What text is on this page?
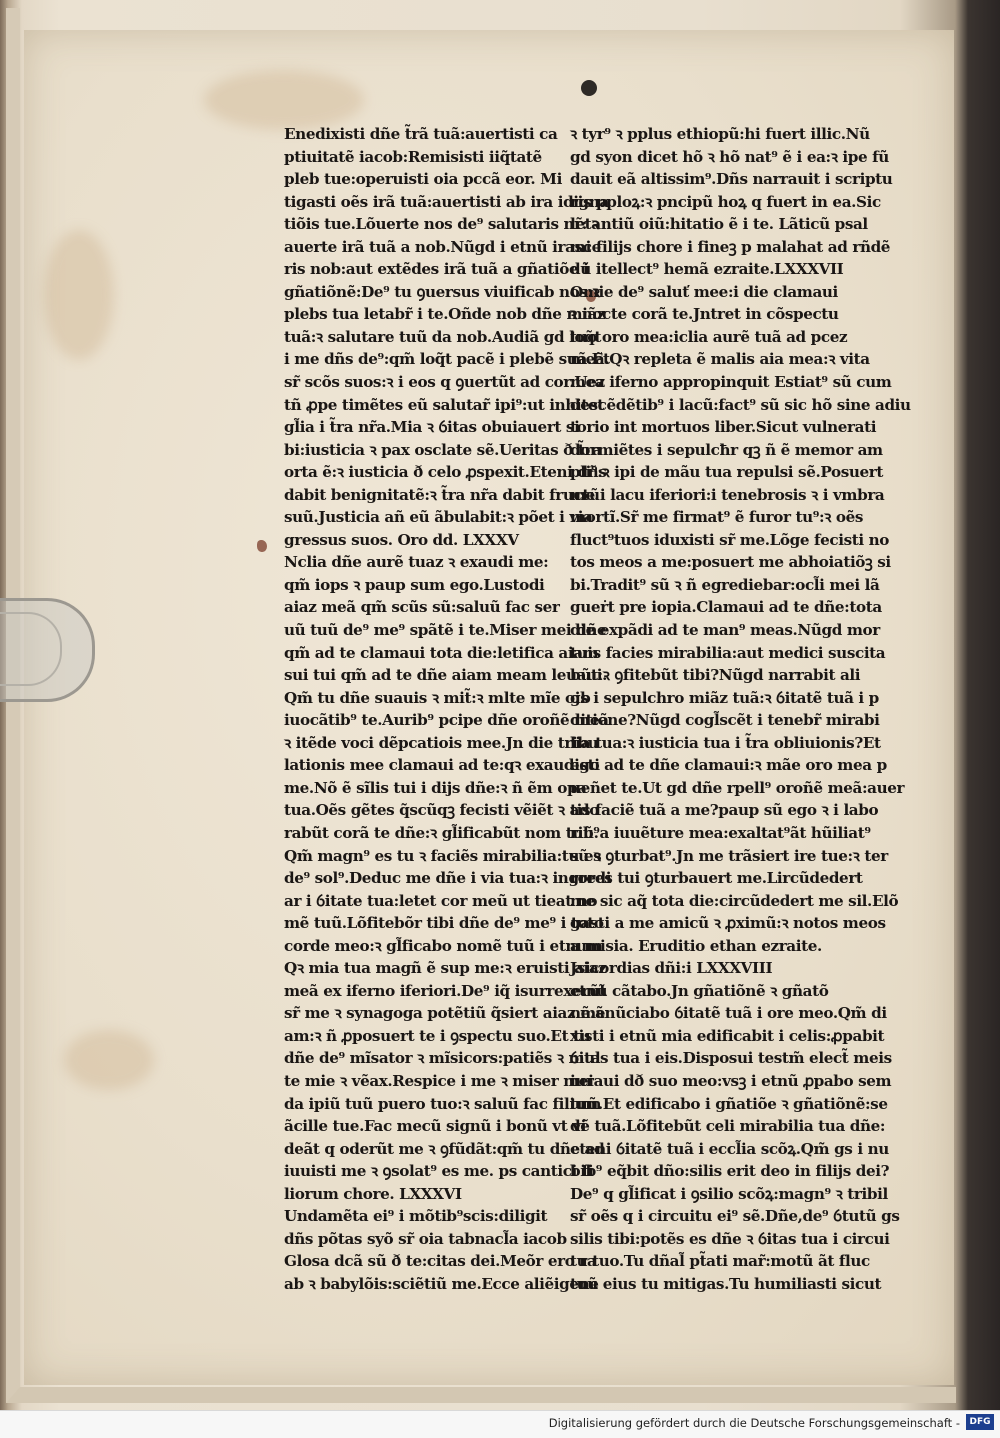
Enedixisti dñe t̃rã tuã:auertisti ca
ptiuitatẽ iacob:Remisisti iiq̃tatẽ
pleb tue:operuisti oia pccã eor. Mi
tigasti oẽs irã tuã:auertisti ab ira idigna
tiõis tue.Lõuerte nos de⁹ salutaris nr̃: ꝛ
auerte irã tuã a nob.Nũgd i etnũ irasce
ris nob:aut extẽdes irã tuã a gñatiõe i
gñatiõnẽ:De⁹ tu ꝯuersus viuificab nos:ꝛ
plebs tua letabr̃ i te.Oñde nob dñe miãz
tuã:ꝛ salutare tuũ da nob.Audiã gd loq̃t
i me dñs de⁹:qm̃ loq̃t pacẽ i plebẽ suã.Et
sr̃ scõs suos:ꝛ i eos q ꝯuertũt ad cor.Uez
tñ ꝓpe timẽtes eũ salutar̃ ipi⁹:ut inhitet
gl̃ia i t̃ra nr̃a.Mia ꝛ ỽitas obuiauert si
bi:iusticia ꝛ pax osclate sẽ.Ueritas ð t̃ra
orta ẽ:ꝛ iusticia ð celo ꝓspexit.Eteni dñs
dabit benignitatẽ:ꝛ t̃ra nr̃a dabit fructũ
suũ.Justicia añ eũ ãbulabit:ꝛ põet i via
gressus suos. Oro dd. LXXXV
Nclia dñe aurẽ tuaz ꝛ exaudi me:
qm̃ iops ꝛ paup sum ego.Lustodi
aiaz meã qm̃ scũs sũ:saluũ fac ser
uũ tuũ de⁹ me⁹ spãtẽ i te.Miser mei dñe
qm̃ ad te clamaui tota die:letifica aiam
sui tui qm̃ ad te dñe aiam meam leuaui.
Qm̃ tu dñe suauis ꝛ mit̃:ꝛ mlte mĩe oib
iuocãtib⁹ te.Aurib⁹ pcipe dñe oroñẽ meã
ꝛ itẽde voci dẽpcatiois mee.Jn die tribu
lationis mee clamaui ad te:qꝛ exaudisti
me.Nõ ẽ sĩlis tui i dijs dñe:ꝛ ñ ẽm opa
tua.Oẽs gẽtes q̃scũqꝫ fecisti vẽiẽt ꝛ ado
rabũt corã te dñe:ꝛ gl̃ificabũt nom tuũ.
Qm̃ magn⁹ es tu ꝛ faciẽs mirabilia:tu es
de⁹ sol⁹.Deduc me dñe i via tua:ꝛ ingredi
ar i ỽitate tua:letet cor meũ ut tieat no
mẽ tuũ.Lõfitebõr tibi dñe de⁹ me⁹ i toto
corde meo:ꝛ gl̃ficabo nomẽ tuũ i etnum
Qꝛ mia tua magñ ẽ sup me:ꝛ eruisti aiaz
meã ex iferno iferiori.De⁹ iq̃ isurrexerũt
sr̃ me ꝛ synagoga potẽtiũ q̃siert aiaz me
am:ꝛ ñ ꝓposuert te i ꝯspectu suo.Et tu
dñe de⁹ mĩsator ꝛ mĩsicors:patiẽs ꝛ mul
te mie ꝛ vẽax.Respice i me ꝛ miser mei
da ipiũ tuũ puero tuo:ꝛ saluũ fac filium
ãcille tue.Fac mecũ signũ i bonũ vt vi
deãt q oderũt me ꝛ ꝯfũdãt:qm̃ tu dñe ad
iuuisti me ꝛ ꝯsolat⁹ es me. ps cantici fi
liorum chore. LXXXVI
Undamẽta ei⁹ i mõtib⁹scis:diligit
dñs põtas syõ sr̃ oia tabnacl̃a iacob
Glosa dcã sũ ð te:citas dei.Meõr ero ra
ab ꝛ babylõis:sciẽtiũ me.Ecce aliẽigene
ꝛ tyr⁹ ꝛ pplus ethiopũ:hi fuert illic.Nũ
gd syon dicet hõ ꝛ hõ nat⁹ ẽ i ea:ꝛ ipe fũ
dauit eã altissim⁹.Dñs narrauit i scriptu
ris pploꝝ:ꝛ pncipũ hoꝝ q fuert in ea.Sic
letantiũ oiũ:hitatio ẽ i te. Lãticũ psal
mi filijs chore i fineꝫ p malahat ad rñdẽ
dũ itellect⁹ hemã ezraite.LXXXVII
Omie de⁹ saluť mee:i die clamaui
ꝛ nocte corã te.Jntret in cõspectu
tuo oro mea:iclia aurẽ tuã ad pcez
meã.Qꝛ repleta ẽ malis aia mea:ꝛ vita
mea iferno appropinquit Estiat⁹ sũ cum
descẽdẽtib⁹ i lacũ:fact⁹ sũ sic hõ sine adiu
torio int mortuos liber.Sicut vulnerati
dormiẽtes i sepulcħr qꝫ ñ ẽ memor am
pli⁹:ꝛ ipi de mãu tua repulsi sẽ.Posuert
me i lacu iferiori:i tenebrosis ꝛ i vmbra
mortĩ.Sr̃ me firmat⁹ ẽ furor tu⁹:ꝛ oẽs
fluct⁹tuos iduxisti sr̃ me.Lõge fecisti no
tos meos a me:posuert me abhoiatiõꝫ si
bi.Tradit⁹ sũ ꝛ ñ egrediebar:ocl̃i mei lã
gueṙt pre iopia.Clamaui ad te dñe:tota
die expãdi ad te man⁹ meas.Nũgd mor
tuis facies mirabilia:aut medici suscita
bũt:ꝛ ꝯfitebũt tibi?Nũgd narrabit ali
gs i sepulchro miãz tuã:ꝛ ỽitatẽ tuã i p
ditione?Nũgd cogl̃scẽt i tenebr̃ mirabi
lia tua:ꝛ iusticia tua i t̃ra obliuionis?Et
ego ad te dñe clamaui:ꝛ mãe oro mea p
ueñet te.Ut gd dñe rpell⁹ oroñẽ meã:auer
tis faciẽ tuã a me?paup sũ ego ꝛ i labo
rib⁹a iuuẽture mea:exaltat⁹ãt hũiliat⁹
sũ ꝛ ꝯturbat⁹.Jn me trãsiert ire tue:ꝛ ter
rores tui ꝯturbauert me.Lircũdedert
me sic aq̃ tota die:circũdedert me sil.Elõ
gasti a me amicũ ꝛ ꝓximũ:ꝛ notos meos
a misia. Eruditio ethan ezraite.
Jsicordias dñi:i LXXXVIII
etnũ cãtabo.Jn gñatiõnẽ ꝛ gñatõ
nẽ:ãnũciabo ỽitatẽ tuã i ore meo.Qm̃ di
xisti i etnũ mia edificabit i celis:ꝓpabit
ỽitas tua i eis.Disposui testm̃ elect̃ meis
iuraui dð suo meo:vsꝫ i etnũ ꝓpabo sem
tuũ.Et edificabo i gñatiõe ꝛ gñatiõnẽ:se
dẽ tuã.Lõfitebũt celi mirabilia tua dñe:
eteni ỽitatẽ tuã i eccl̃ia scõꝝ.Qm̃ gs i nu
bib⁹ eq̃bit dño:silis erit deo in filijs dei?
De⁹ q gl̃ificat i ꝯsilio scõꝝ:magn⁹ ꝛ tribil
sr̃ oẽs q i circuitu ei⁹ sẽ.Dñe,de⁹ ỽtutũ gs
silis tibi:potẽs es dñe ꝛ ỽitas tua i circui
tu tuo.Tu dñal̃ pt̃ati mar̃:motũ ãt fluc
tuũ eius tu mitigas.Tu humiliasti sicut
Digitalisierung gefördert durch die Deutsche Forschungsgemeinschaft -	DFG
